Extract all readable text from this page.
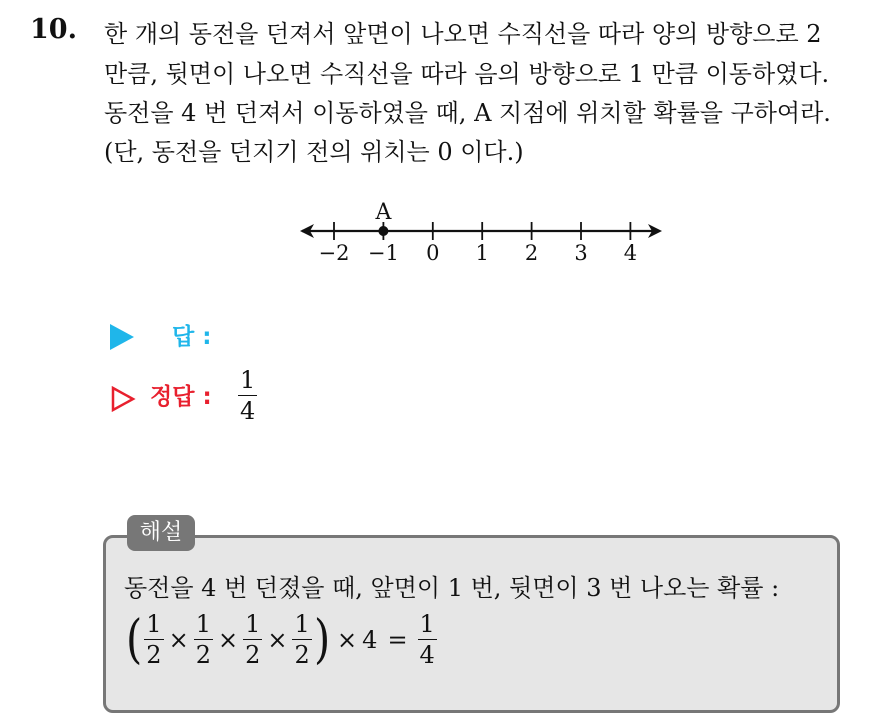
10. 한 개의 동전을 던져서 앞면이 나오면 수직선을 따라 양의 방향으로 2
만큼, 뒷면이 나오면 수직선을 따라 음의 방향으로 1 만큼 이동하였다.
동전을 4 번 던져서 이동하였을 때, A 지점에 위치할 확률을 구하여라.
(단, 동전을 던지기 전의 위치는 0 이다.)
−2 −1 0 1 2 3 4
A
답 :
정답 : $\frac{1}{4}$
해설
동전을 4 번 던졌을 때, 앞면이 1 번, 뒷면이 3 번 나오는 확률 :
( $\frac{1}{2} \times \frac{1}{2} \times \frac{1}{2} \times \frac{1}{2}$ ) × $4 = \frac{1}{4}$
